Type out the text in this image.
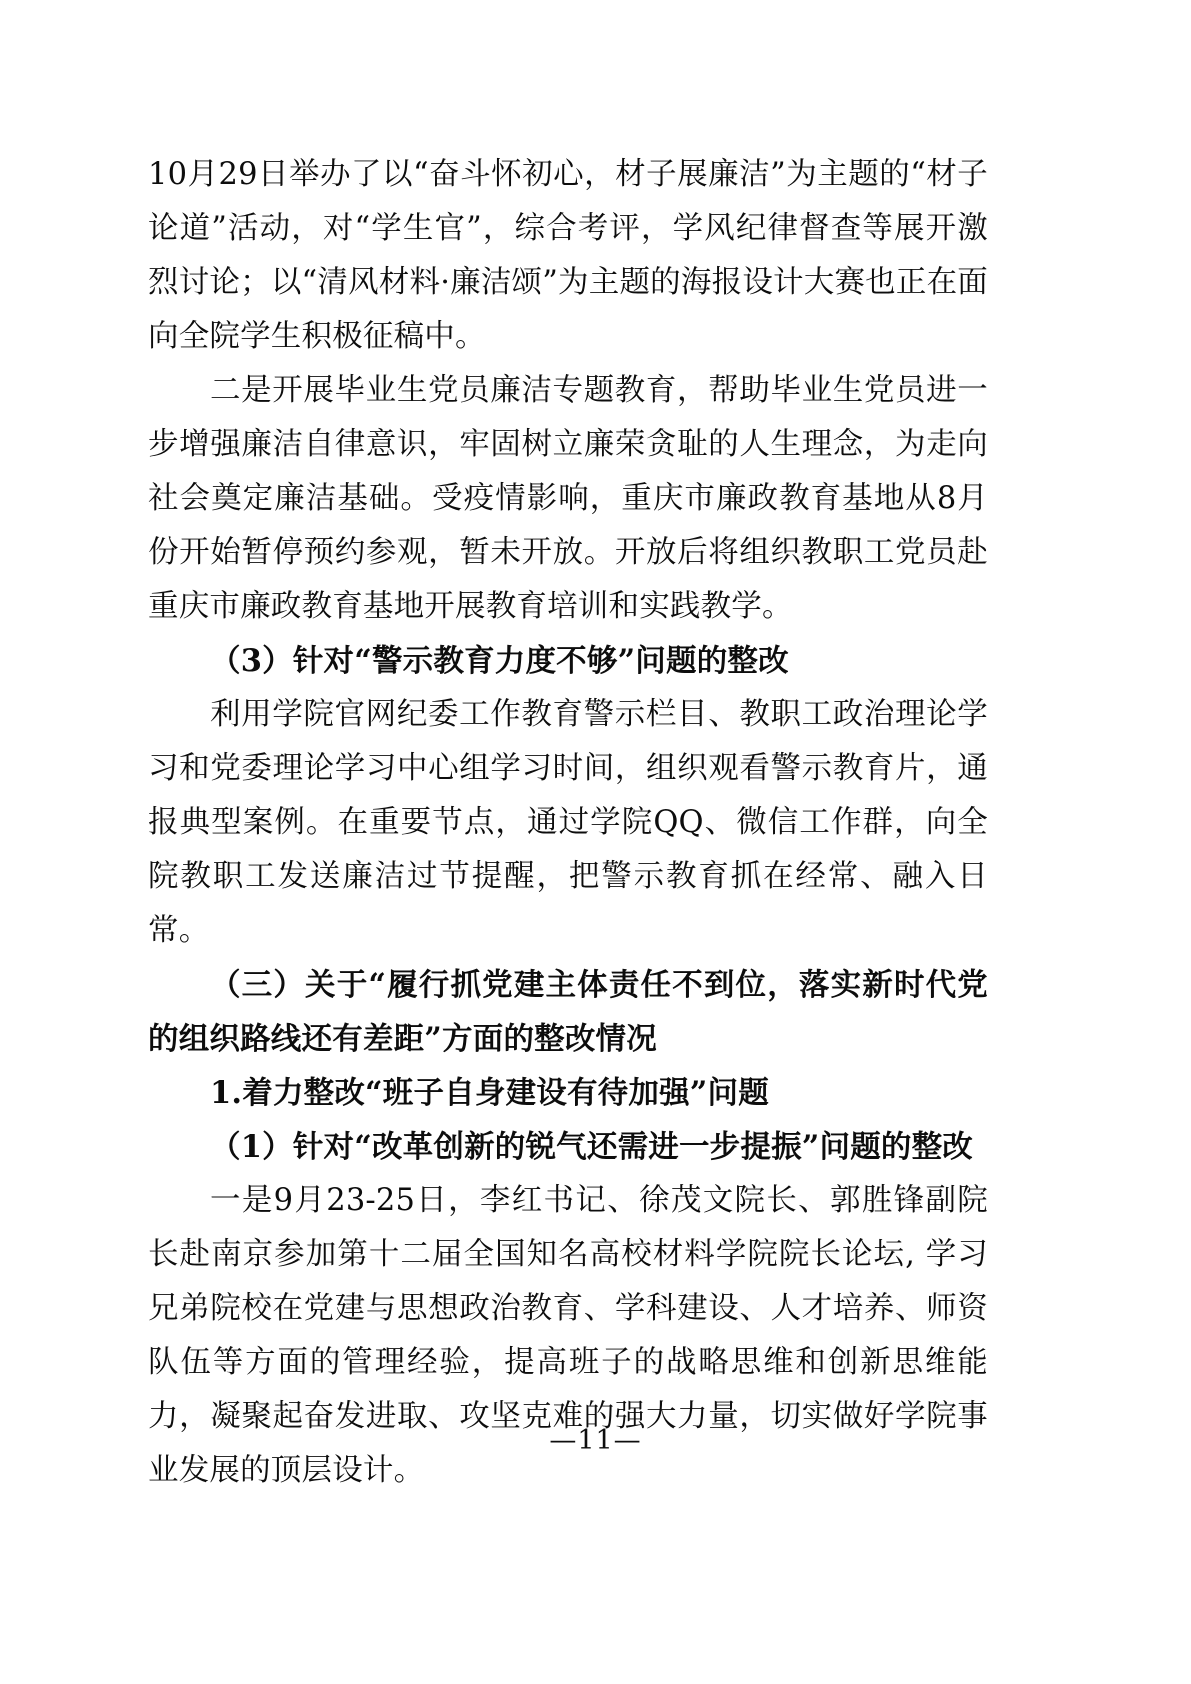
10月29日举办了以“奋斗怀初心，材子展廉洁”为主题的“材子论道”活动，对“学生官”，综合考评，学风纪律督查等展开激烈讨论；以“清风材料·廉洁颂”为主题的海报设计大赛也正在面向全院学生积极征稿中。

二是开展毕业生党员廉洁专题教育，帮助毕业生党员进一步增强廉洁自律意识，牢固树立廉荣贪耻的人生理念，为走向社会奠定廉洁基础。受疫情影响，重庆市廉政教育基地从8月份开始暂停预约参观，暂未开放。开放后将组织教职工党员赴重庆市廉政教育基地开展教育培训和实践教学。

（3）针对“警示教育力度不够”问题的整改

利用学院官网纪委工作教育警示栏目、教职工政治理论学习和党委理论学习中心组学习时间，组织观看警示教育片，通报典型案例。在重要节点，通过学院QQ、微信工作群，向全院教职工发送廉洁过节提醒，把警示教育抓在经常、融入日常。

（三）关于“履行抓党建主体责任不到位，落实新时代党的组织路线还有差距”方面的整改情况

1.着力整改“班子自身建设有待加强”问题

（1）针对“改革创新的锐气还需进一步提振”问题的整改

一是9月23-25日，李红书记、徐茂文院长、郭胜锋副院长赴南京参加第十二届全国知名高校材料学院院长论坛, 学习兄弟院校在党建与思想政治教育、学科建设、人才培养、师资队伍等方面的管理经验，提高班子的战略思维和创新思维能力，凝聚起奋发进取、攻坚克难的强大力量，切实做好学院事业发展的顶层设计。

—11—
